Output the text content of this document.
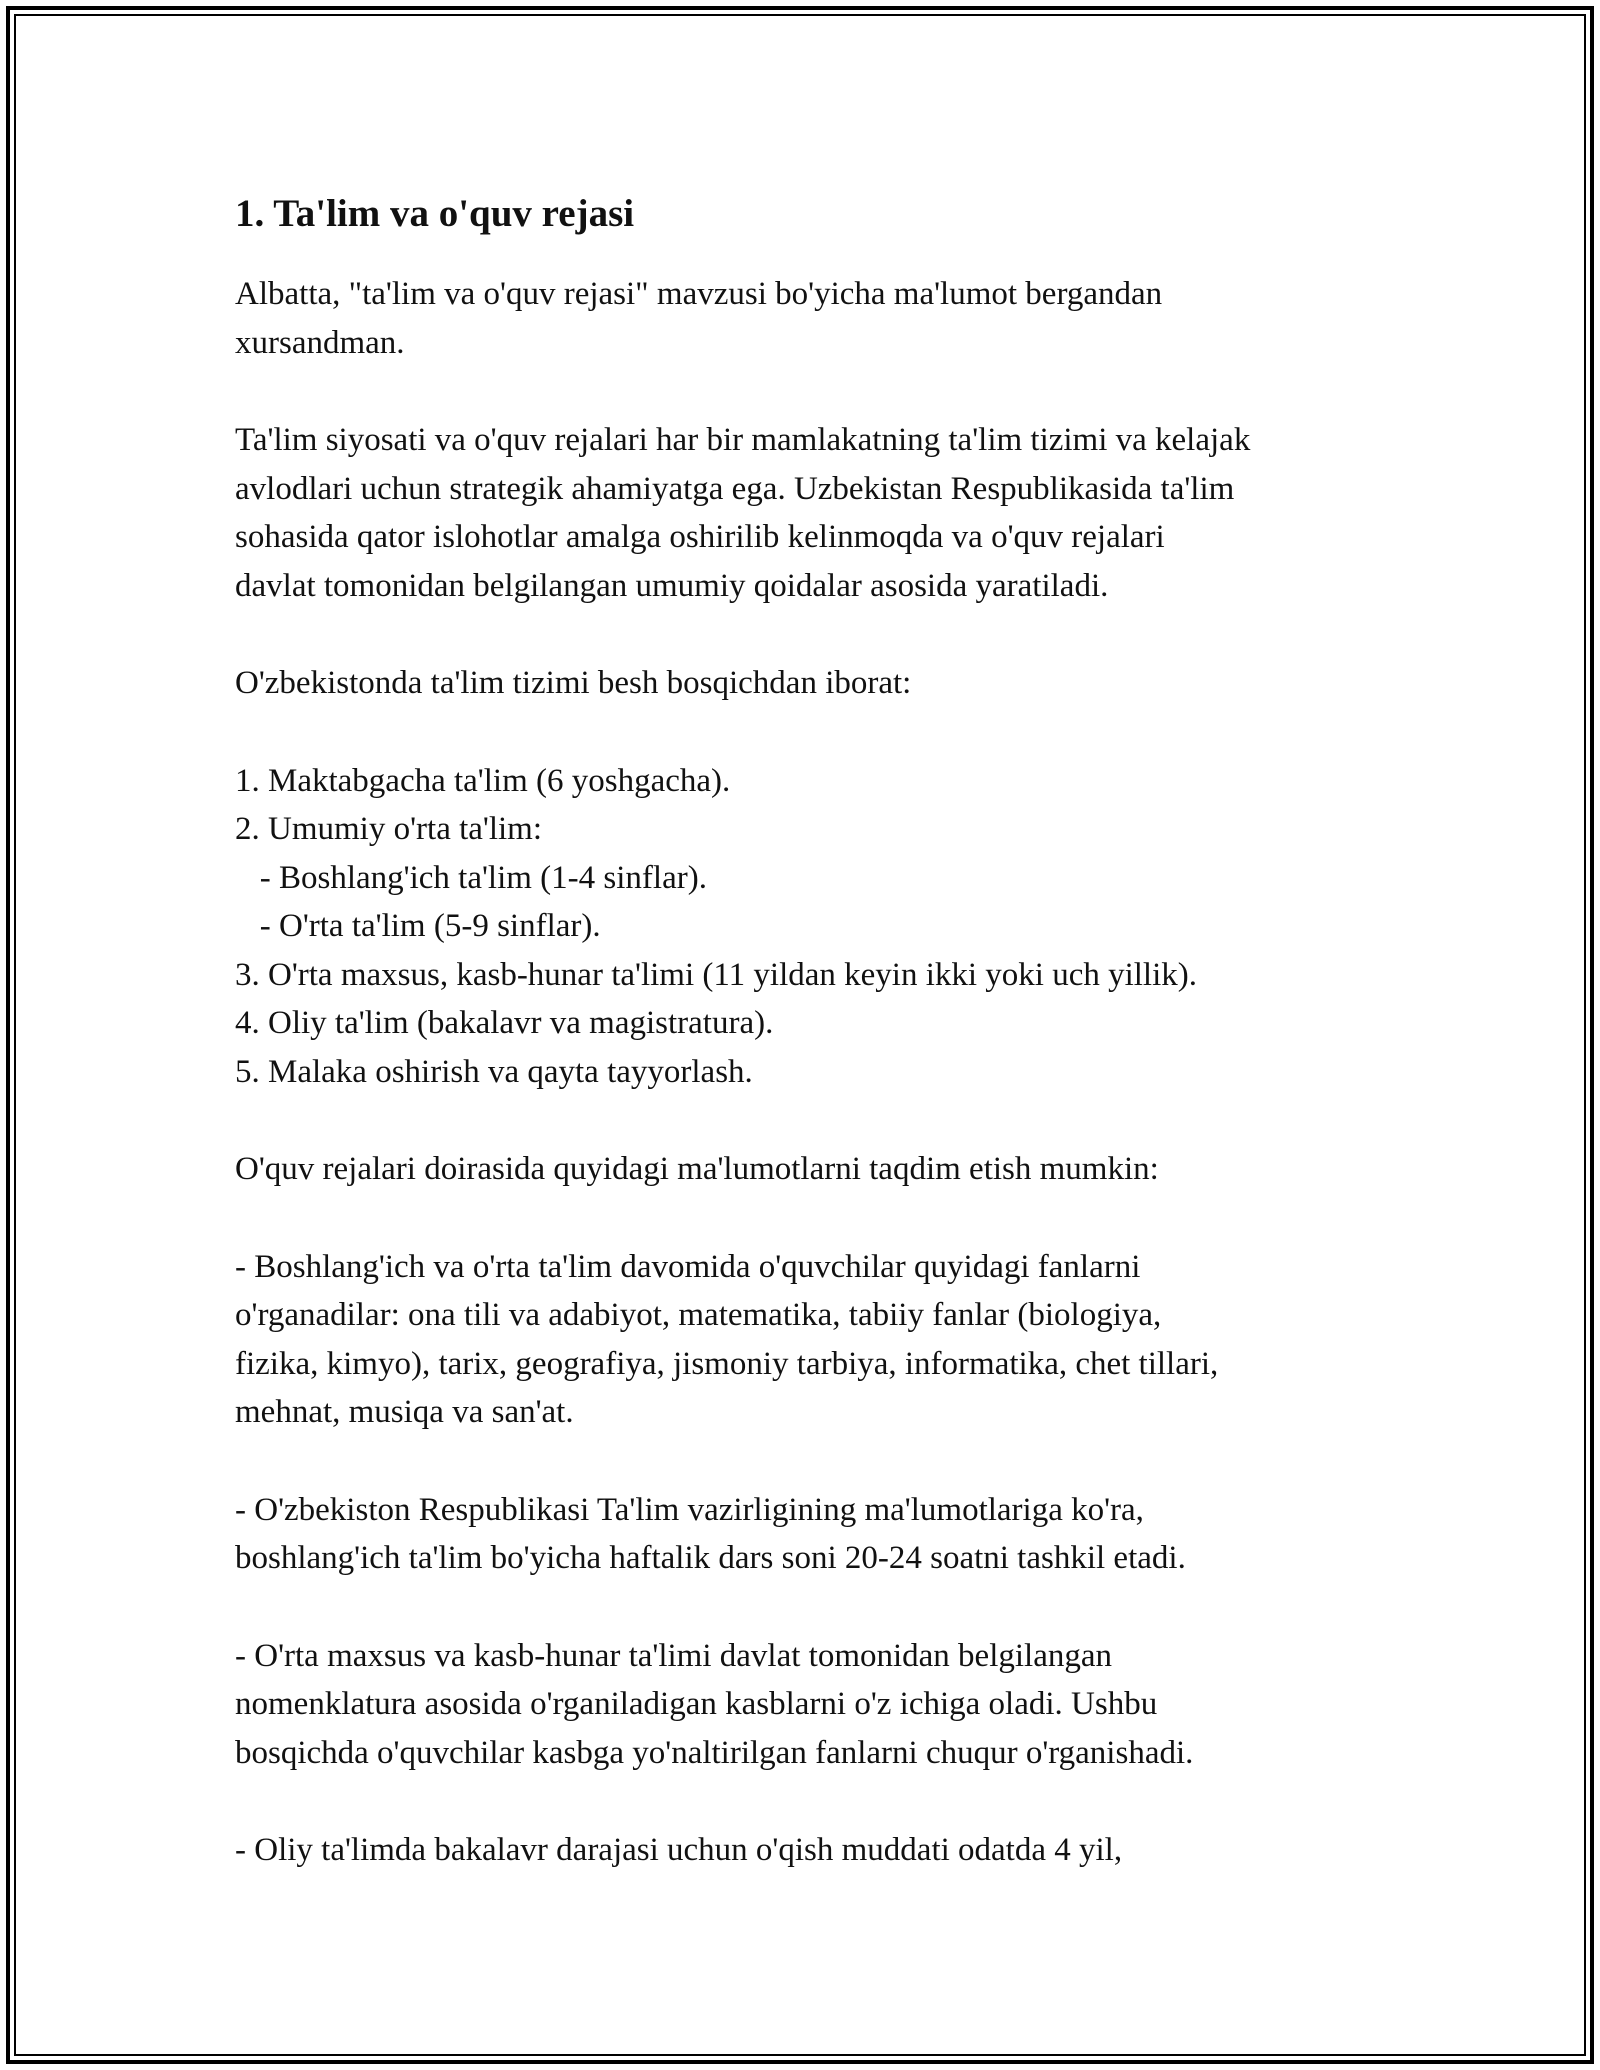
1. Ta'lim va o'quv rejasi

Albatta, "ta'lim va o'quv rejasi" mavzusi bo'yicha ma'lumot bergandan
xursandman.

Ta'lim siyosati va o'quv rejalari har bir mamlakatning ta'lim tizimi va kelajak
avlodlari uchun strategik ahamiyatga ega. Uzbekistan Respublikasida ta'lim
sohasida qator islohotlar amalga oshirilib kelinmoqda va o'quv rejalari
davlat tomonidan belgilangan umumiy qoidalar asosida yaratiladi.

O'zbekistonda ta'lim tizimi besh bosqichdan iborat:

1. Maktabgacha ta'lim (6 yoshgacha).
2. Umumiy o'rta ta'lim:
- Boshlang'ich ta'lim (1-4 sinflar).
- O'rta ta'lim (5-9 sinflar).
3. O'rta maxsus, kasb-hunar ta'limi (11 yildan keyin ikki yoki uch yillik).
4. Oliy ta'lim (bakalavr va magistratura).
5. Malaka oshirish va qayta tayyorlash.

O'quv rejalari doirasida quyidagi ma'lumotlarni taqdim etish mumkin:

- Boshlang'ich va o'rta ta'lim davomida o'quvchilar quyidagi fanlarni
o'rganadilar: ona tili va adabiyot, matematika, tabiiy fanlar (biologiya,
fizika, kimyo), tarix, geografiya, jismoniy tarbiya, informatika, chet tillari,
mehnat, musiqa va san'at.

- O'zbekiston Respublikasi Ta'lim vazirligining ma'lumotlariga ko'ra,
boshlang'ich ta'lim bo'yicha haftalik dars soni 20-24 soatni tashkil etadi.

- O'rta maxsus va kasb-hunar ta'limi davlat tomonidan belgilangan
nomenklatura asosida o'rganiladigan kasblarni o'z ichiga oladi. Ushbu
bosqichda o'quvchilar kasbga yo'naltirilgan fanlarni chuqur o'rganishadi.

- Oliy ta'limda bakalavr darajasi uchun o'qish muddati odatda 4 yil,
